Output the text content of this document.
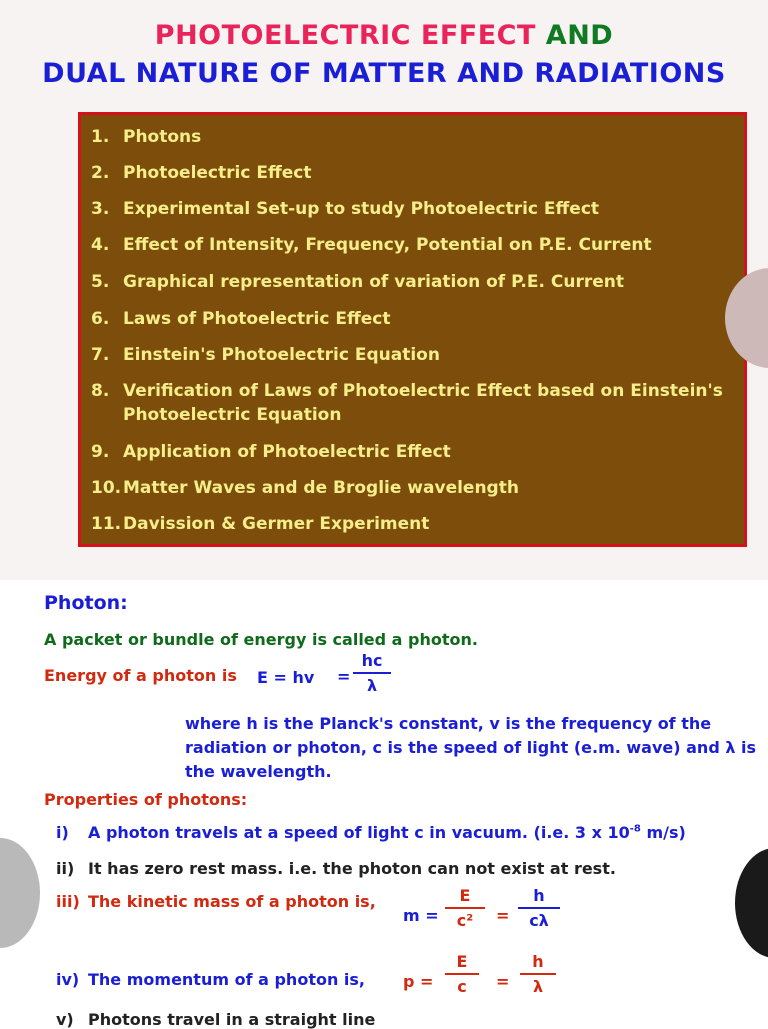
PHOTOELECTRIC EFFECT AND
DUAL NATURE OF MATTER AND RADIATIONS
1. Photons
2. Photoelectric Effect
3. Experimental Set-up to study Photoelectric Effect
4. Effect of Intensity, Frequency, Potential on P.E. Current
5. Graphical representation of variation of P.E. Current
6. Laws of Photoelectric Effect
7. Einstein's Photoelectric Equation
8. Verification of Laws of Photoelectric Effect based on Einstein's
Photoelectric Equation
9. Application of Photoelectric Effect
10. Matter Waves and de Broglie wavelength
11. Davission & Germer Experiment
Photon:
A packet or bundle of energy is called a photon.
Energy of a photon is E = hv =
hc
λ
where h is the Planck's constant, v is the frequency of the radiation or photon, c is the speed of light (e.m. wave) and λ is the wavelength.
Properties of photons:
i) A photon travels at a speed of light c in vacuum. (i.e. 3 x $10^{-8}$ m/s)
ii) It has zero rest mass. i.e. the photon can not exist at rest.
iii) The kinetic mass of a photon is,
m =
E
c²	=
h
cλ
iv) The momentum of a photon is, p =
E
c	=
h
λ
v) Photons travel in a straight line
